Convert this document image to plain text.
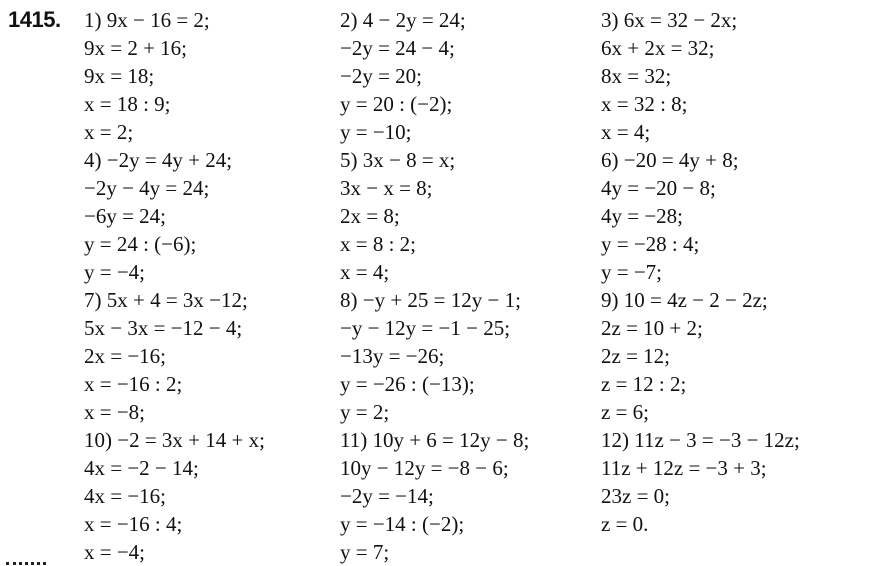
1415. 1) 9x − 16 = 2;
9x = 2 + 16;
9x = 18;
x = 18 : 9;
x = 2;
4) −2y = 4y + 24;
−2y − 4y = 24;
−6y = 24;
y = 24 : (−6);
y = −4;
7) 5x + 4 = 3x −12;
5x − 3x = −12 − 4;
2x = −16;
x = −16 : 2;
x = −8;
10) −2 = 3x + 14 + x;
4x = −2 − 14;
4x = −16;
x = −16 : 4;
x = −4;
2) 4 − 2y = 24;
−2y = 24 − 4;
−2y = 20;
y = 20 : (−2);
y = −10;
5) 3x − 8 = x;
3x − x = 8;
2x = 8;
x = 8 : 2;
x = 4;
8) −y + 25 = 12y − 1;
−y − 12y = −1 − 25;
−13y = −26;
y = −26 : (−13);
y = 2;
11) 10y + 6 = 12y − 8;
10y − 12y = −8 − 6;
−2y = −14;
y = −14 : (−2);
y = 7;
3) 6x = 32 − 2x;
6x + 2x = 32;
8x = 32;
x = 32 : 8;
x = 4;
6) −20 = 4y + 8;
4y = −20 − 8;
4y = −28;
y = −28 : 4;
y = −7;
9) 10 = 4z − 2 − 2z;
2z = 10 + 2;
2z = 12;
z = 12 : 2;
z = 6;
12) 11z − 3 = −3 − 12z;
11z + 12z = −3 + 3;
23z = 0;
z = 0.
